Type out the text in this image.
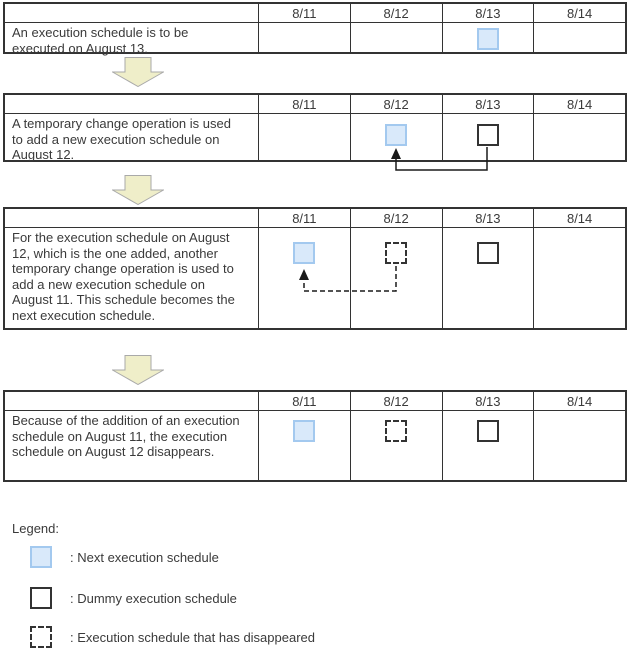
8/11	8/12	8/13	8/14
An execution schedule is to be executed on August 13.
8/11	8/12	8/13	8/14
A temporary change operation is used to add a new execution schedule on August 12.
8/11	8/12	8/13	8/14
For the execution schedule on August 12, which is the one added, another temporary change operation is used to add a new execution schedule on August 11. This schedule becomes the next execution schedule.
8/11	8/12	8/13	8/14
Because of the addition of an execution schedule on August 11, the execution schedule on August 12 disappears.
Legend:
: Next execution schedule
: Dummy execution schedule
: Execution schedule that has disappeared
